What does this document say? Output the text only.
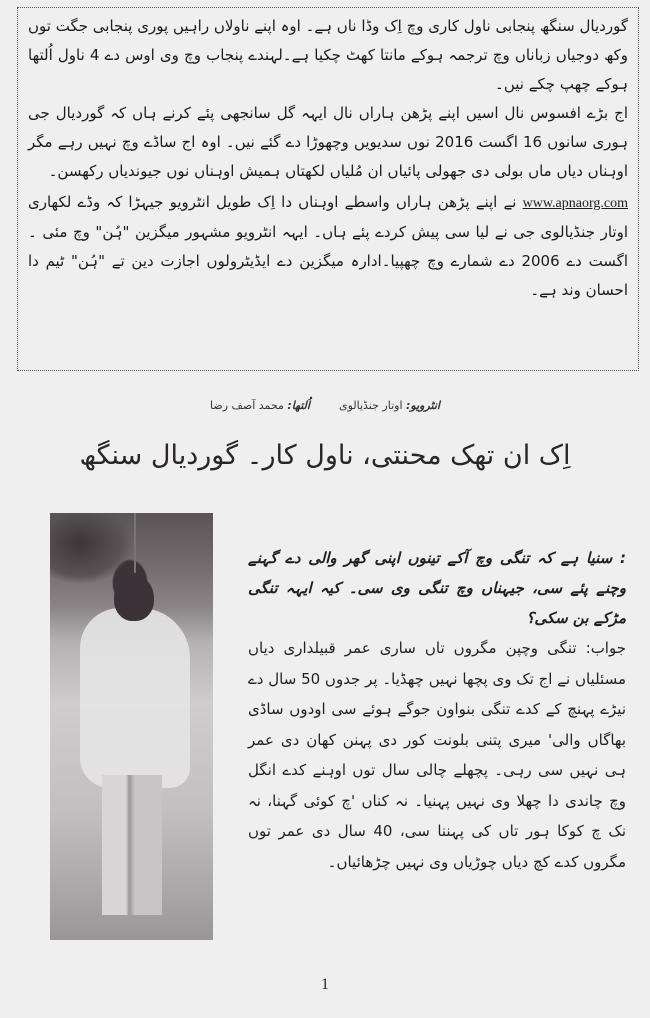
گوردیال سنگھ پنجابی ناول کاری وچ اِک وڈا ناں ہے۔ اوہ اپنے ناولاں راہیں پوری پنجابی جگت توں وکھ دوجیاں زباناں وچ ترجمہ ہوکے مانتا کھٹ چکیا ہے۔لہندے پنجاب وچ وی اوس دے 4 ناول اُلتھا ہوکے چھپ چکے نیں۔

اج بڑے افسوس نال اسیں اپنے پڑھن ہاراں نال ایہہ گل سانجھی پئے کرنے ہاں کہ گوردیال جی ہوری سانوں 16 اگست 2016 نوں سدیویں وچھوڑا دے گئے نیں۔ اوہ اج ساڈے وچ نہیں رہے مگر اوہناں دیاں ماں بولی دی جھولی پائیاں ان مُلیاں لکھتاں ہمیش اوہناں نوں جیوندیاں رکھسن۔

www.apnaorg.com نے اپنے پڑھن ہاراں واسطے اوہناں دا اِک طویل انٹرویو جیہڑا کہ وڈے لکھاری اوتار جنڈیالوی جی نے لیا سی پیش کردے پئے ہاں۔ ایہہ انٹرویو مشہور میگزین "ہُن" وچ مئی ۔اگست دے 2006 دے شمارے وچ چھپیا۔ادارہ میگزین دے ایڈیٹرولوں اجازت دین تے "ہُن" ٹیم دا احسان وند ہے۔

انٹرویو: اوتار جنڈیالوی  اُلتھا: محمد آصف رضا
اِک ان تھک محنتی، ناول کار۔ گوردیال سنگھ

: سنیا ہے کہ تنگی وچ آکے تینوں اپنی گھر والی دے گہنے وچنے پئے سی، جیہناں وچ تنگی وی سی۔ کیہ ایہہ تنگی مڑکے بن سکی؟

جواب: تنگی وچپن مگروں تاں ساری عمر قبیلداری دیاں مسئلیاں نے اج تک وی پچھا نہیں چھڈیا۔ پر جدوں 50 سال دے نیڑے پہنچ کے کدے تنگی بنواون جوگے ہوئے سی اودوں ساڈی بھاگاں والی' میری پتنی بلونت کور دی پہنن کھان دی عمر ہی نہیں سی رہی۔ پچھلے چالی سال توں اوہنے کدے انگل وچ چاندی دا چھلا وی نہیں پہنیا۔ نہ کناں 'چ کوئی گہنا، نہ نک چ کوکا ہور تاں کی پہننا سی، 40 سال دی عمر توں مگروں کدے کچ دیاں چوڑیاں وی نہیں چڑھائیاں۔

1
